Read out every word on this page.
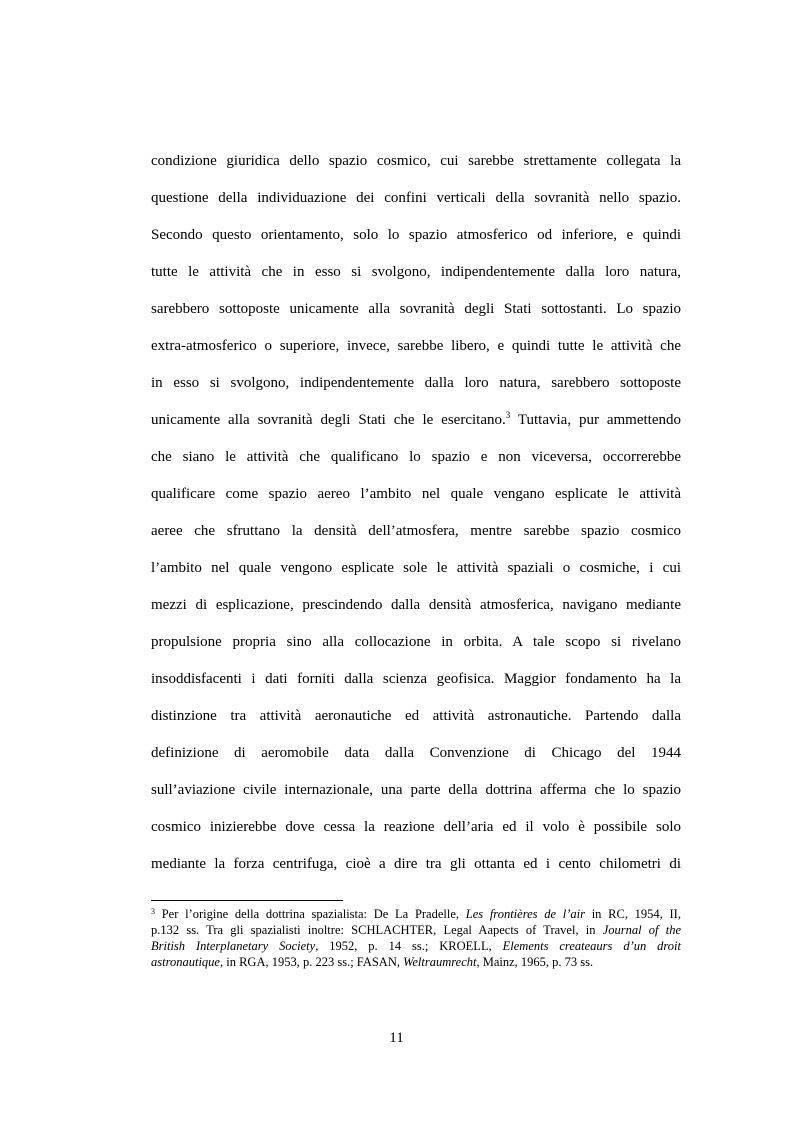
condizione giuridica dello spazio cosmico, cui sarebbe strettamente collegata la
questione della individuazione dei confini verticali della sovranità nello spazio.
Secondo questo orientamento, solo lo spazio atmosferico od inferiore, e quindi
tutte le attività che in esso si svolgono, indipendentemente dalla loro natura,
sarebbero sottoposte unicamente alla sovranità degli Stati sottostanti. Lo spazio
extra-atmosferico o superiore, invece, sarebbe libero, e quindi tutte le attività che
in esso si svolgono, indipendentemente dalla loro natura, sarebbero sottoposte
unicamente alla sovranità degli Stati che le esercitano.$^3$ Tuttavia, pur ammettendo
che siano le attività che qualificano lo spazio e non viceversa, occorrerebbe
qualificare come spazio aereo l’ambito nel quale vengano esplicate le attività
aeree che sfruttano la densità dell’atmosfera, mentre sarebbe spazio cosmico
l’ambito nel quale vengono esplicate sole le attività spaziali o cosmiche, i cui
mezzi di esplicazione, prescindendo dalla densità atmosferica, navigano mediante
propulsione propria sino alla collocazione in orbita. A tale scopo si rivelano
insoddisfacenti i dati forniti dalla scienza geofisica. Maggior fondamento ha la
distinzione tra attività aeronautiche ed attività astronautiche. Partendo dalla
definizione di aeromobile data dalla Convenzione di Chicago del 1944
sull’aviazione civile internazionale, una parte della dottrina afferma che lo spazio
cosmico inizierebbe dove cessa la reazione dell’aria ed il volo è possibile solo
mediante la forza centrifuga, cioè a dire tra gli ottanta ed i cento chilometri di
$^3$ Per l’origine della dottrina spazialista: De La Pradelle, Les frontières de l’air in RC, 1954, II,
p.132 ss. Tra gli spazialisti inoltre: SCHLACHTER, Legal Aapects of Travel, in Journal of the
British Interplanetary Society, 1952, p. 14 ss.; KROELL, Elements createaurs d’un droit
astronautique, in RGA, 1953, p. 223 ss.; FASAN, Weltraumrecht, Mainz, 1965, p. 73 ss.
11
